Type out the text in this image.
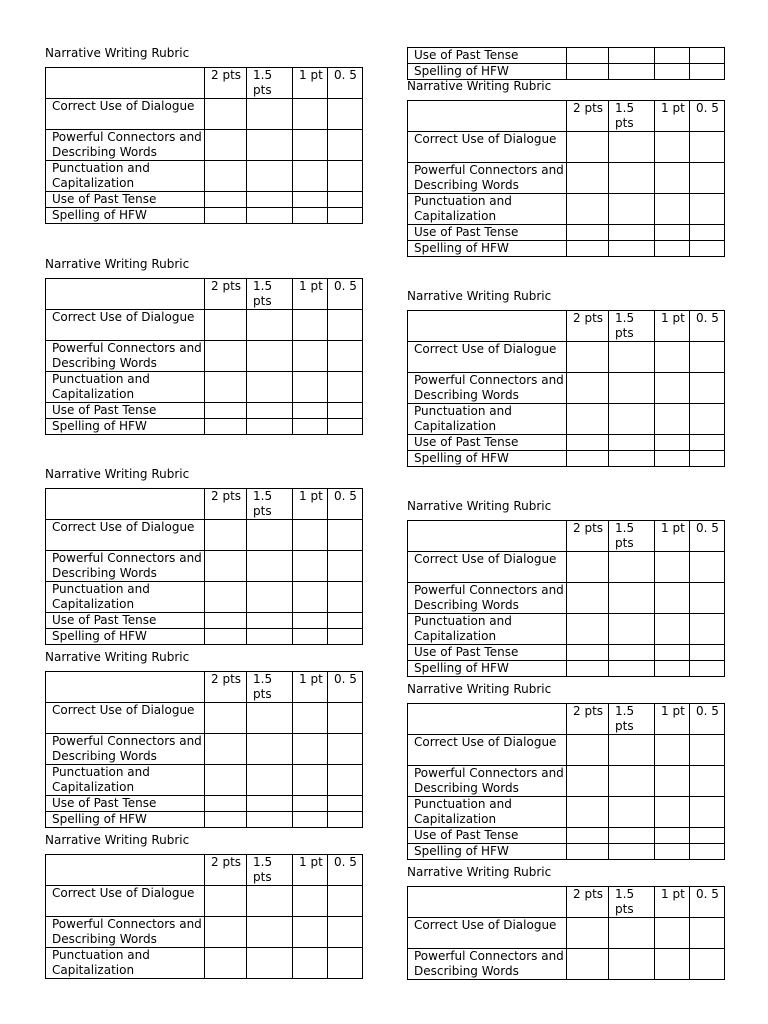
Narrative Writing Rubric
	2 pts	1.5 pts	1 pt	0. 5
Correct Use of Dialogue				
Powerful Connectors and Describing Words				
Punctuation and Capitalization				
Use of Past Tense				
Spelling of HFW				
Narrative Writing Rubric
	2 pts	1.5 pts	1 pt	0. 5
Correct Use of Dialogue				
Powerful Connectors and Describing Words				
Punctuation and Capitalization				
Use of Past Tense				
Spelling of HFW				
Narrative Writing Rubric
	2 pts	1.5 pts	1 pt	0. 5
Correct Use of Dialogue				
Powerful Connectors and Describing Words				
Punctuation and Capitalization				
Use of Past Tense				
Spelling of HFW				
Narrative Writing Rubric
	2 pts	1.5 pts	1 pt	0. 5
Correct Use of Dialogue				
Powerful Connectors and Describing Words				
Punctuation and Capitalization				
Use of Past Tense				
Spelling of HFW				
Narrative Writing Rubric
	2 pts	1.5 pts	1 pt	0. 5
Correct Use of Dialogue				
Powerful Connectors and Describing Words				
Punctuation and Capitalization				
Use of Past Tense				
Spelling of HFW				
Narrative Writing Rubric
	2 pts	1.5 pts	1 pt	0. 5
Correct Use of Dialogue				
Powerful Connectors and Describing Words				
Punctuation and Capitalization				
Use of Past Tense				
Spelling of HFW				
Narrative Writing Rubric
	2 pts	1.5 pts	1 pt	0. 5
Correct Use of Dialogue				
Powerful Connectors and Describing Words				
Punctuation and Capitalization				
Use of Past Tense				
Spelling of HFW				
Narrative Writing Rubric
	2 pts	1.5 pts	1 pt	0. 5
Correct Use of Dialogue				
Powerful Connectors and Describing Words				
Punctuation and Capitalization				
Use of Past Tense				
Spelling of HFW				
Narrative Writing Rubric
	2 pts	1.5 pts	1 pt	0. 5
Correct Use of Dialogue				
Powerful Connectors and Describing Words				
Punctuation and Capitalization				
Use of Past Tense				
Spelling of HFW				
Narrative Writing Rubric
	2 pts	1.5 pts	1 pt	0. 5
Correct Use of Dialogue				
Powerful Connectors and Describing Words				
